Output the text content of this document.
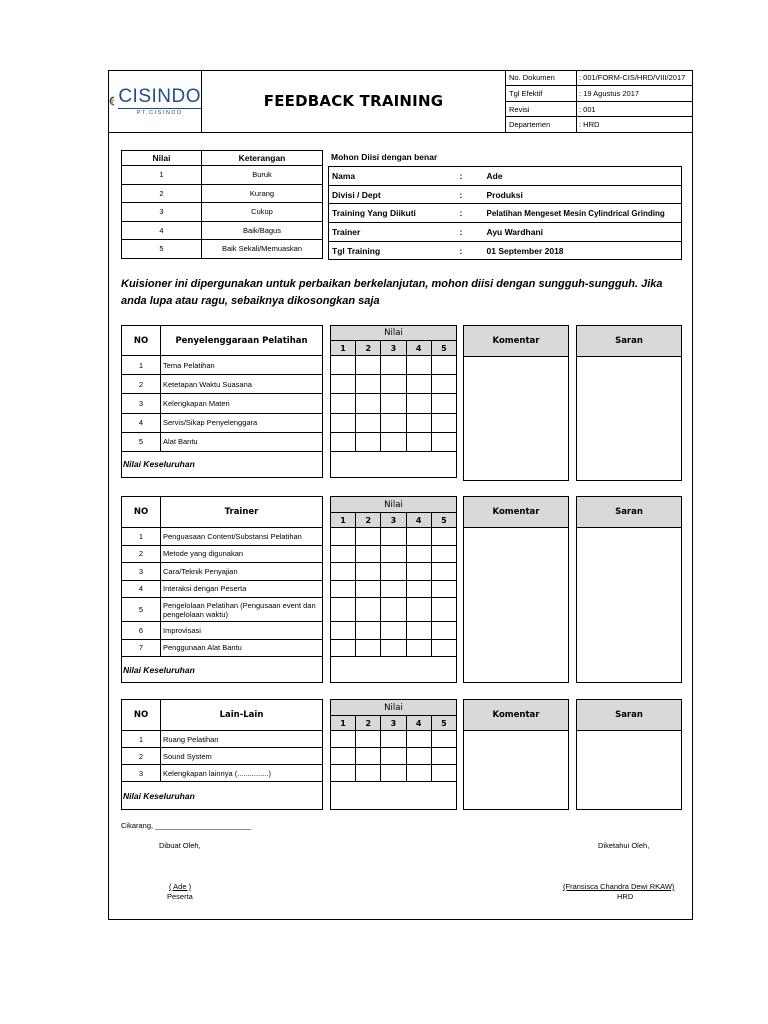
CISINDO
PT.CISINDO
FEEDBACK TRAINING
No. Dokumen	: 001/FORM-CIS/HRD/VIII/2017
Tgl Efektif	: 19 Agustus 2017
Revisi	: 001
Departemen	: HRD
Nilai	Keterangan
1	Buruk
2	Kurang
3	Cukup
4	Baik/Bagus
5	Baik Sekali/Memuaskan
Mohon Diisi dengan benar
Nama	:	Ade
Divisi / Dept	:	Produksi
Training Yang Diikuti	:	Pelatihan Mengeset Mesin Cylindrical Grinding
Trainer	:	Ayu Wardhani
Tgl Training	:	01 September 2018
Kuisioner ini dipergunakan untuk perbaikan berkelanjutan, mohon diisi dengan sungguh-sungguh. Jika anda lupa atau ragu, sebaiknya dikosongkan saja
NO	Penyelenggaraan Pelatihan
1	Tema Pelatihan
2	Ketetapan Waktu Suasana
3	Kelengkapan Materi
4	Servis/Sikap Penyelenggara
5	Alat Bantu
Nilai Keseluruhan	
Nilai				
1	2	3	4	5

Komentar	Saran
NO	Trainer
1	Penguasaan Content/Substansi Pelatihan
2	Metode yang digunakan
3	Cara/Teknik Penyajian
4	Interaksi dengan Peserta
5	Pengelolaan Pelatihan (Pengusaan event dan pengelolaan waktu)
6	Improvisasi
7	Penggunaan Alat Bantu
Nilai Keseluruhan	
Nilai				
1	2	3	4	5

Komentar	Saran
NO	Lain-Lain
1	Ruang Pelatihan
2	Sound System
3	Kelengkapan lainnya (...............)
Nilai Keseluruhan	
Nilai				
1	2	3	4	5

Komentar	Saran
Cikarang, _______________________
Dibuat Oleh,	Diketahui Oleh,
( Ade )
Peserta
(Fransisca Chandra Dewi RKAW)
HRD
